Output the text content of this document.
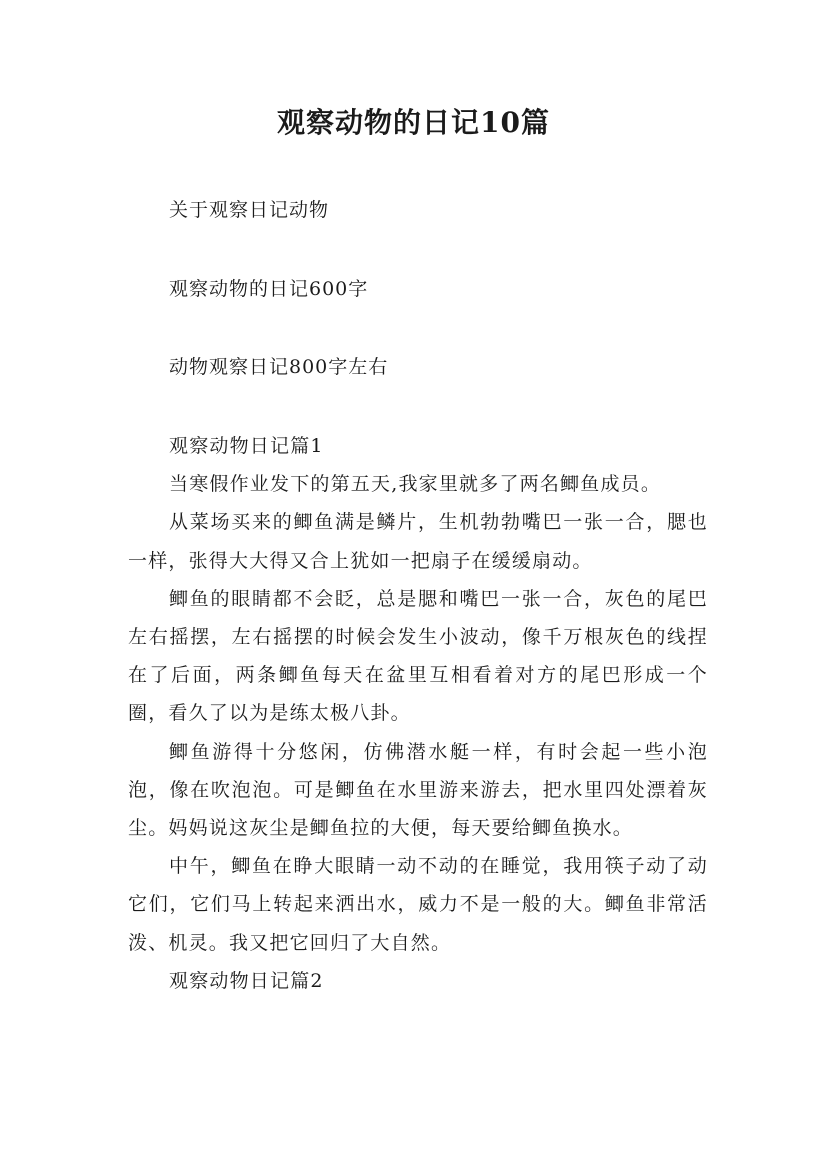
观察动物的日记10篇
关于观察日记动物
观察动物的日记600字
动物观察日记800字左右

观察动物日记篇1

当寒假作业发下的第五天,我家里就多了两名鲫鱼成员。

从菜场买来的鲫鱼满是鳞片，生机勃勃嘴巴一张一合，腮也一样，张得大大得又合上犹如一把扇子在缓缓扇动。

鲫鱼的眼睛都不会眨，总是腮和嘴巴一张一合，灰色的尾巴左右摇摆，左右摇摆的时候会发生小波动，像千万根灰色的线捏在了后面，两条鲫鱼每天在盆里互相看着对方的尾巴形成一个圈，看久了以为是练太极八卦。

鲫鱼游得十分悠闲，仿佛潜水艇一样，有时会起一些小泡泡，像在吹泡泡。可是鲫鱼在水里游来游去，把水里四处漂着灰尘。妈妈说这灰尘是鲫鱼拉的大便，每天要给鲫鱼换水。

中午，鲫鱼在睁大眼睛一动不动的在睡觉，我用筷子动了动它们，它们马上转起来洒出水，威力不是一般的大。鲫鱼非常活泼、机灵。我又把它回归了大自然。

观察动物日记篇2
